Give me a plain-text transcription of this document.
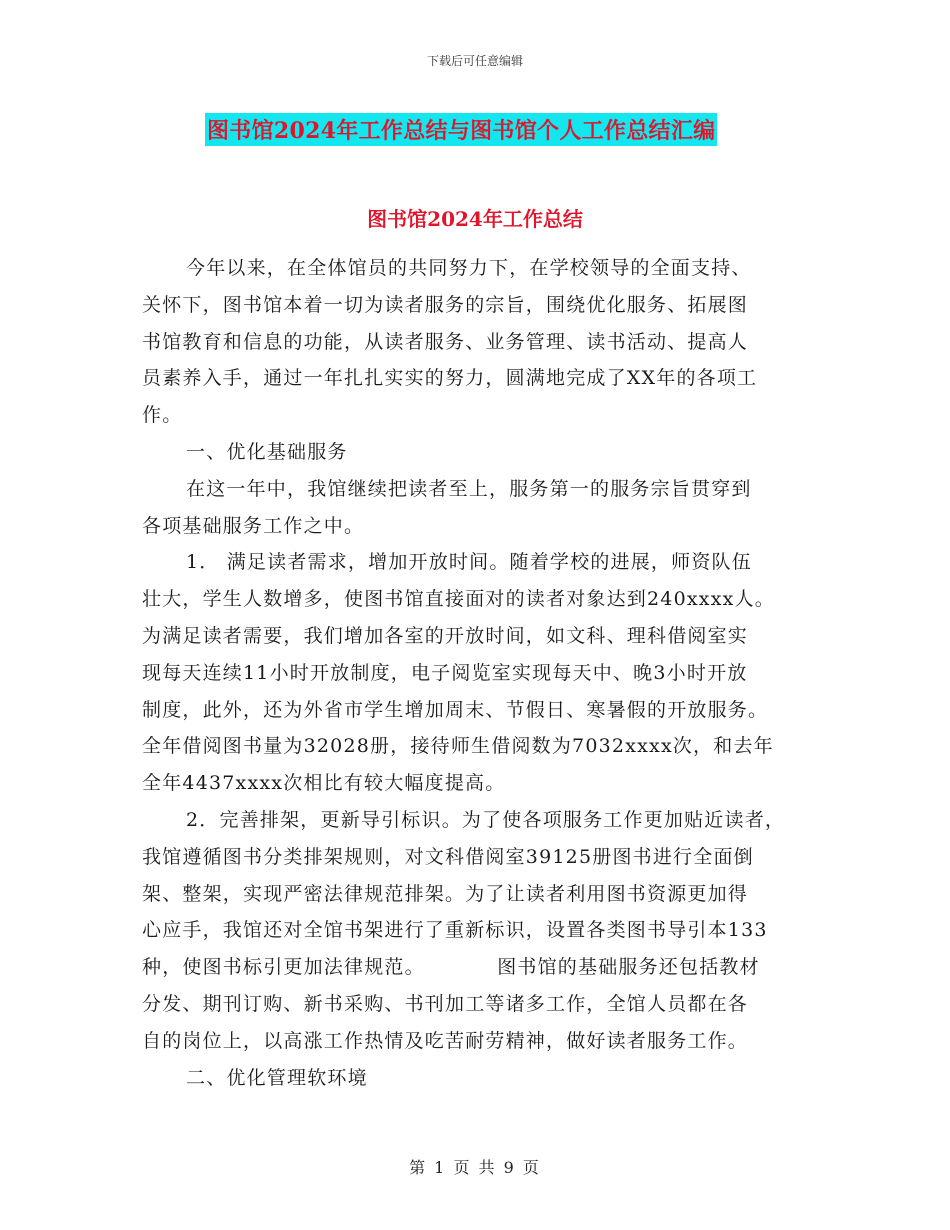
下载后可任意编辑
图书馆2024年工作总结与图书馆个人工作总结汇编
图书馆2024年工作总结
今年以来，在全体馆员的共同努力下，在学校领导的全面支持、
关怀下，图书馆本着一切为读者服务的宗旨，围绕优化服务、拓展图
书馆教育和信息的功能，从读者服务、业务管理、读书活动、提高人
员素养入手，通过一年扎扎实实的努力，圆满地完成了XX年的各项工
作。
一、优化基础服务
在这一年中，我馆继续把读者至上，服务第一的服务宗旨贯穿到
各项基础服务工作之中。
1． 满足读者需求，增加开放时间。随着学校的进展，师资队伍
壮大，学生人数增多，使图书馆直接面对的读者对象达到240xxxx人。
为满足读者需要，我们增加各室的开放时间，如文科、理科借阅室实
现每天连续11小时开放制度，电子阅览室实现每天中、晚3小时开放
制度，此外，还为外省市学生增加周末、节假日、寒暑假的开放服务。
全年借阅图书量为32028册，接待师生借阅数为7032xxxx次，和去年
全年4437xxxx次相比有较大幅度提高。
2．完善排架，更新导引标识。为了使各项服务工作更加贴近读者，
我馆遵循图书分类排架规则，对文科借阅室39125册图书进行全面倒
架、整架，实现严密法律规范排架。为了让读者利用图书资源更加得
心应手，我馆还对全馆书架进行了重新标识，设置各类图书导引本133
种，使图书标引更加法律规范。          图书馆的基础服务还包括教材
分发、期刊订购、新书采购、书刊加工等诸多工作，全馆人员都在各
自的岗位上，以高涨工作热情及吃苦耐劳精神，做好读者服务工作。
二、优化管理软环境
第 1 页 共 9 页
